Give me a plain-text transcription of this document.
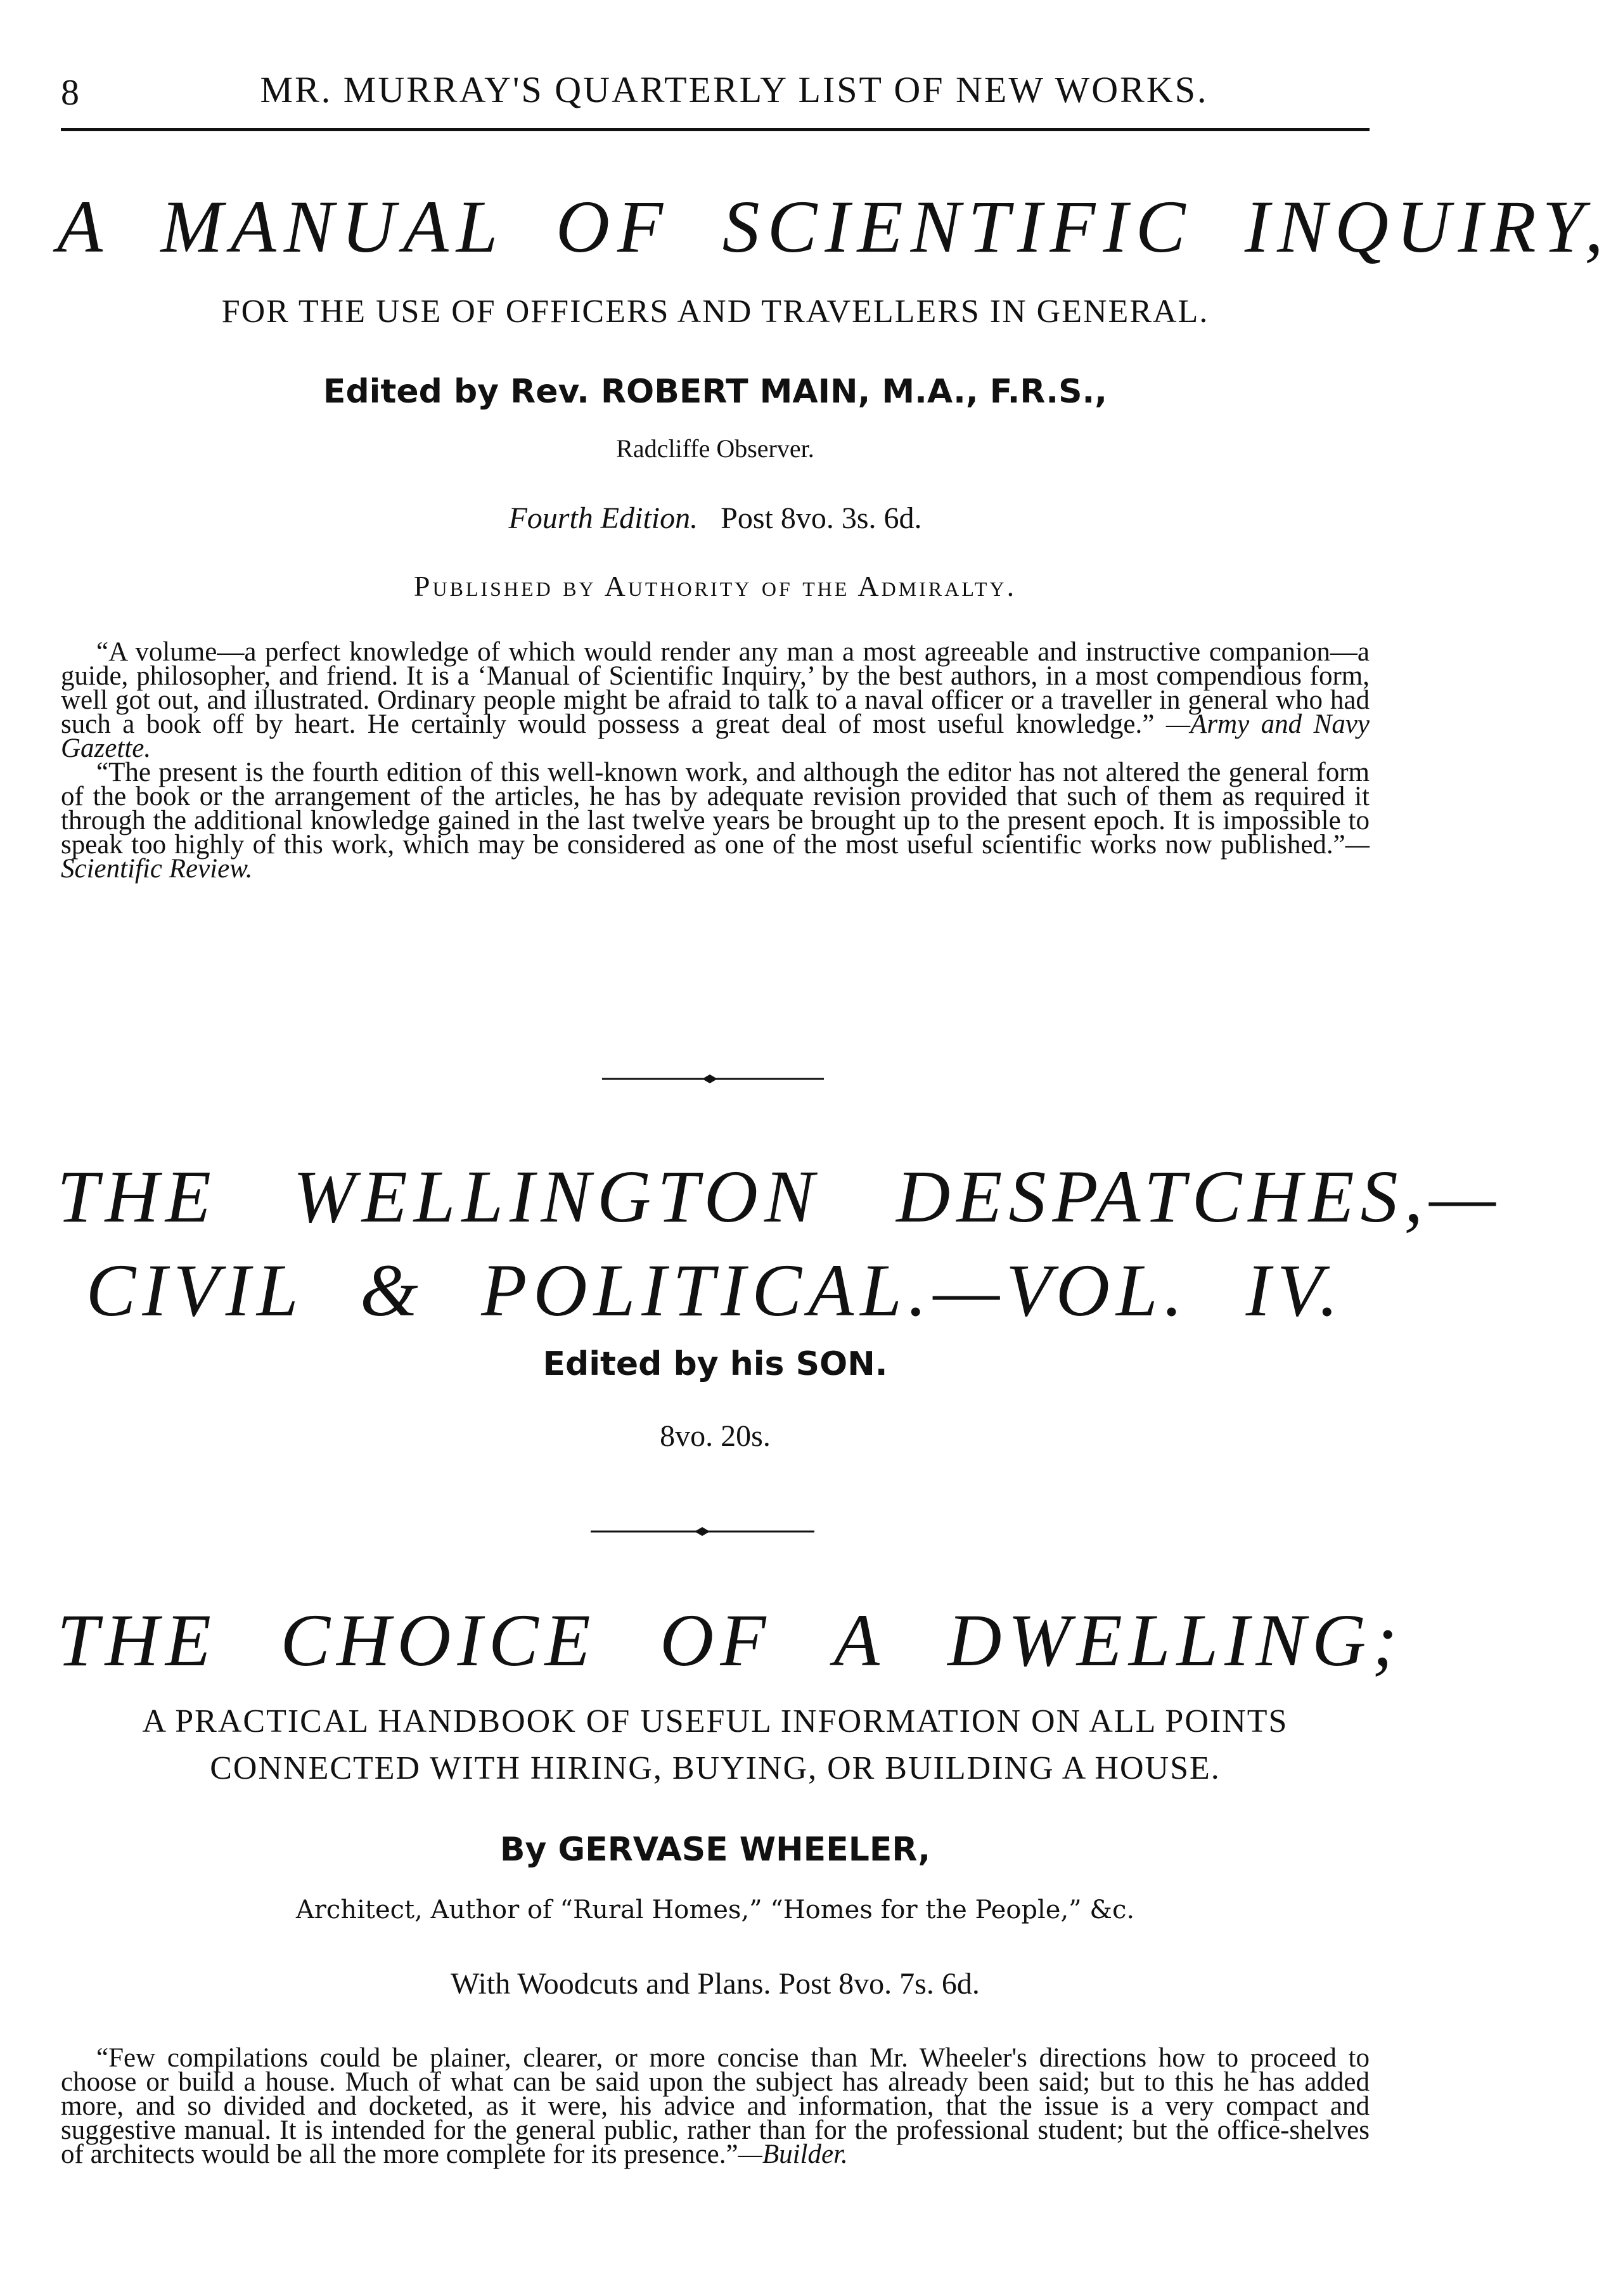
8	MR. MURRAY'S QUARTERLY LIST OF NEW WORKS.
A MANUAL OF SCIENTIFIC INQUIRY,
FOR THE USE OF OFFICERS AND TRAVELLERS IN GENERAL.
Edited by Rev. ROBERT MAIN, M.A., F.R.S.,
Radcliffe Observer.
Fourth Edition. Post 8vo. 3s. 6d.
Published by Authority of the Admiralty.

“A volume—a perfect knowledge of which would render any man a most agreeable and instructive companion—a guide, philosopher, and friend. It is a ‘Manual of Scientific Inquiry,’ by the best authors, in a most compendious form, well got out, and illustrated. Ordinary people might be afraid to talk to a naval officer or a traveller in general who had such a book off by heart. He certainly would possess a great deal of most useful knowledge.” —Army and Navy Gazette.

“The present is the fourth edition of this well-known work, and although the editor has not altered the general form of the book or the arrangement of the articles, he has by adequate revision provided that such of them as required it through the additional knowledge gained in the last twelve years be brought up to the present epoch. It is impossible to speak too highly of this work, which may be considered as one of the most useful scientific works now published.”—Scientific Review.

THE WELLINGTON DESPATCHES,—
CIVIL & POLITICAL.—VOL. IV.
Edited by his SON.
8vo. 20s.
THE CHOICE OF A DWELLING;
A PRACTICAL HANDBOOK OF USEFUL INFORMATION ON ALL POINTS
CONNECTED WITH HIRING, BUYING, OR BUILDING A HOUSE.
By GERVASE WHEELER,
Architect, Author of “Rural Homes,” “Homes for the People,” &c.
With Woodcuts and Plans. Post 8vo. 7s. 6d.

“Few compilations could be plainer, clearer, or more concise than Mr. Wheeler's directions how to proceed to choose or build a house. Much of what can be said upon the subject has already been said; but to this he has added more, and so divided and docketed, as it were, his advice and information, that the issue is a very compact and suggestive manual. It is intended for the general public, rather than for the professional student; but the office-shelves of architects would be all the more complete for its presence.”—Builder.
